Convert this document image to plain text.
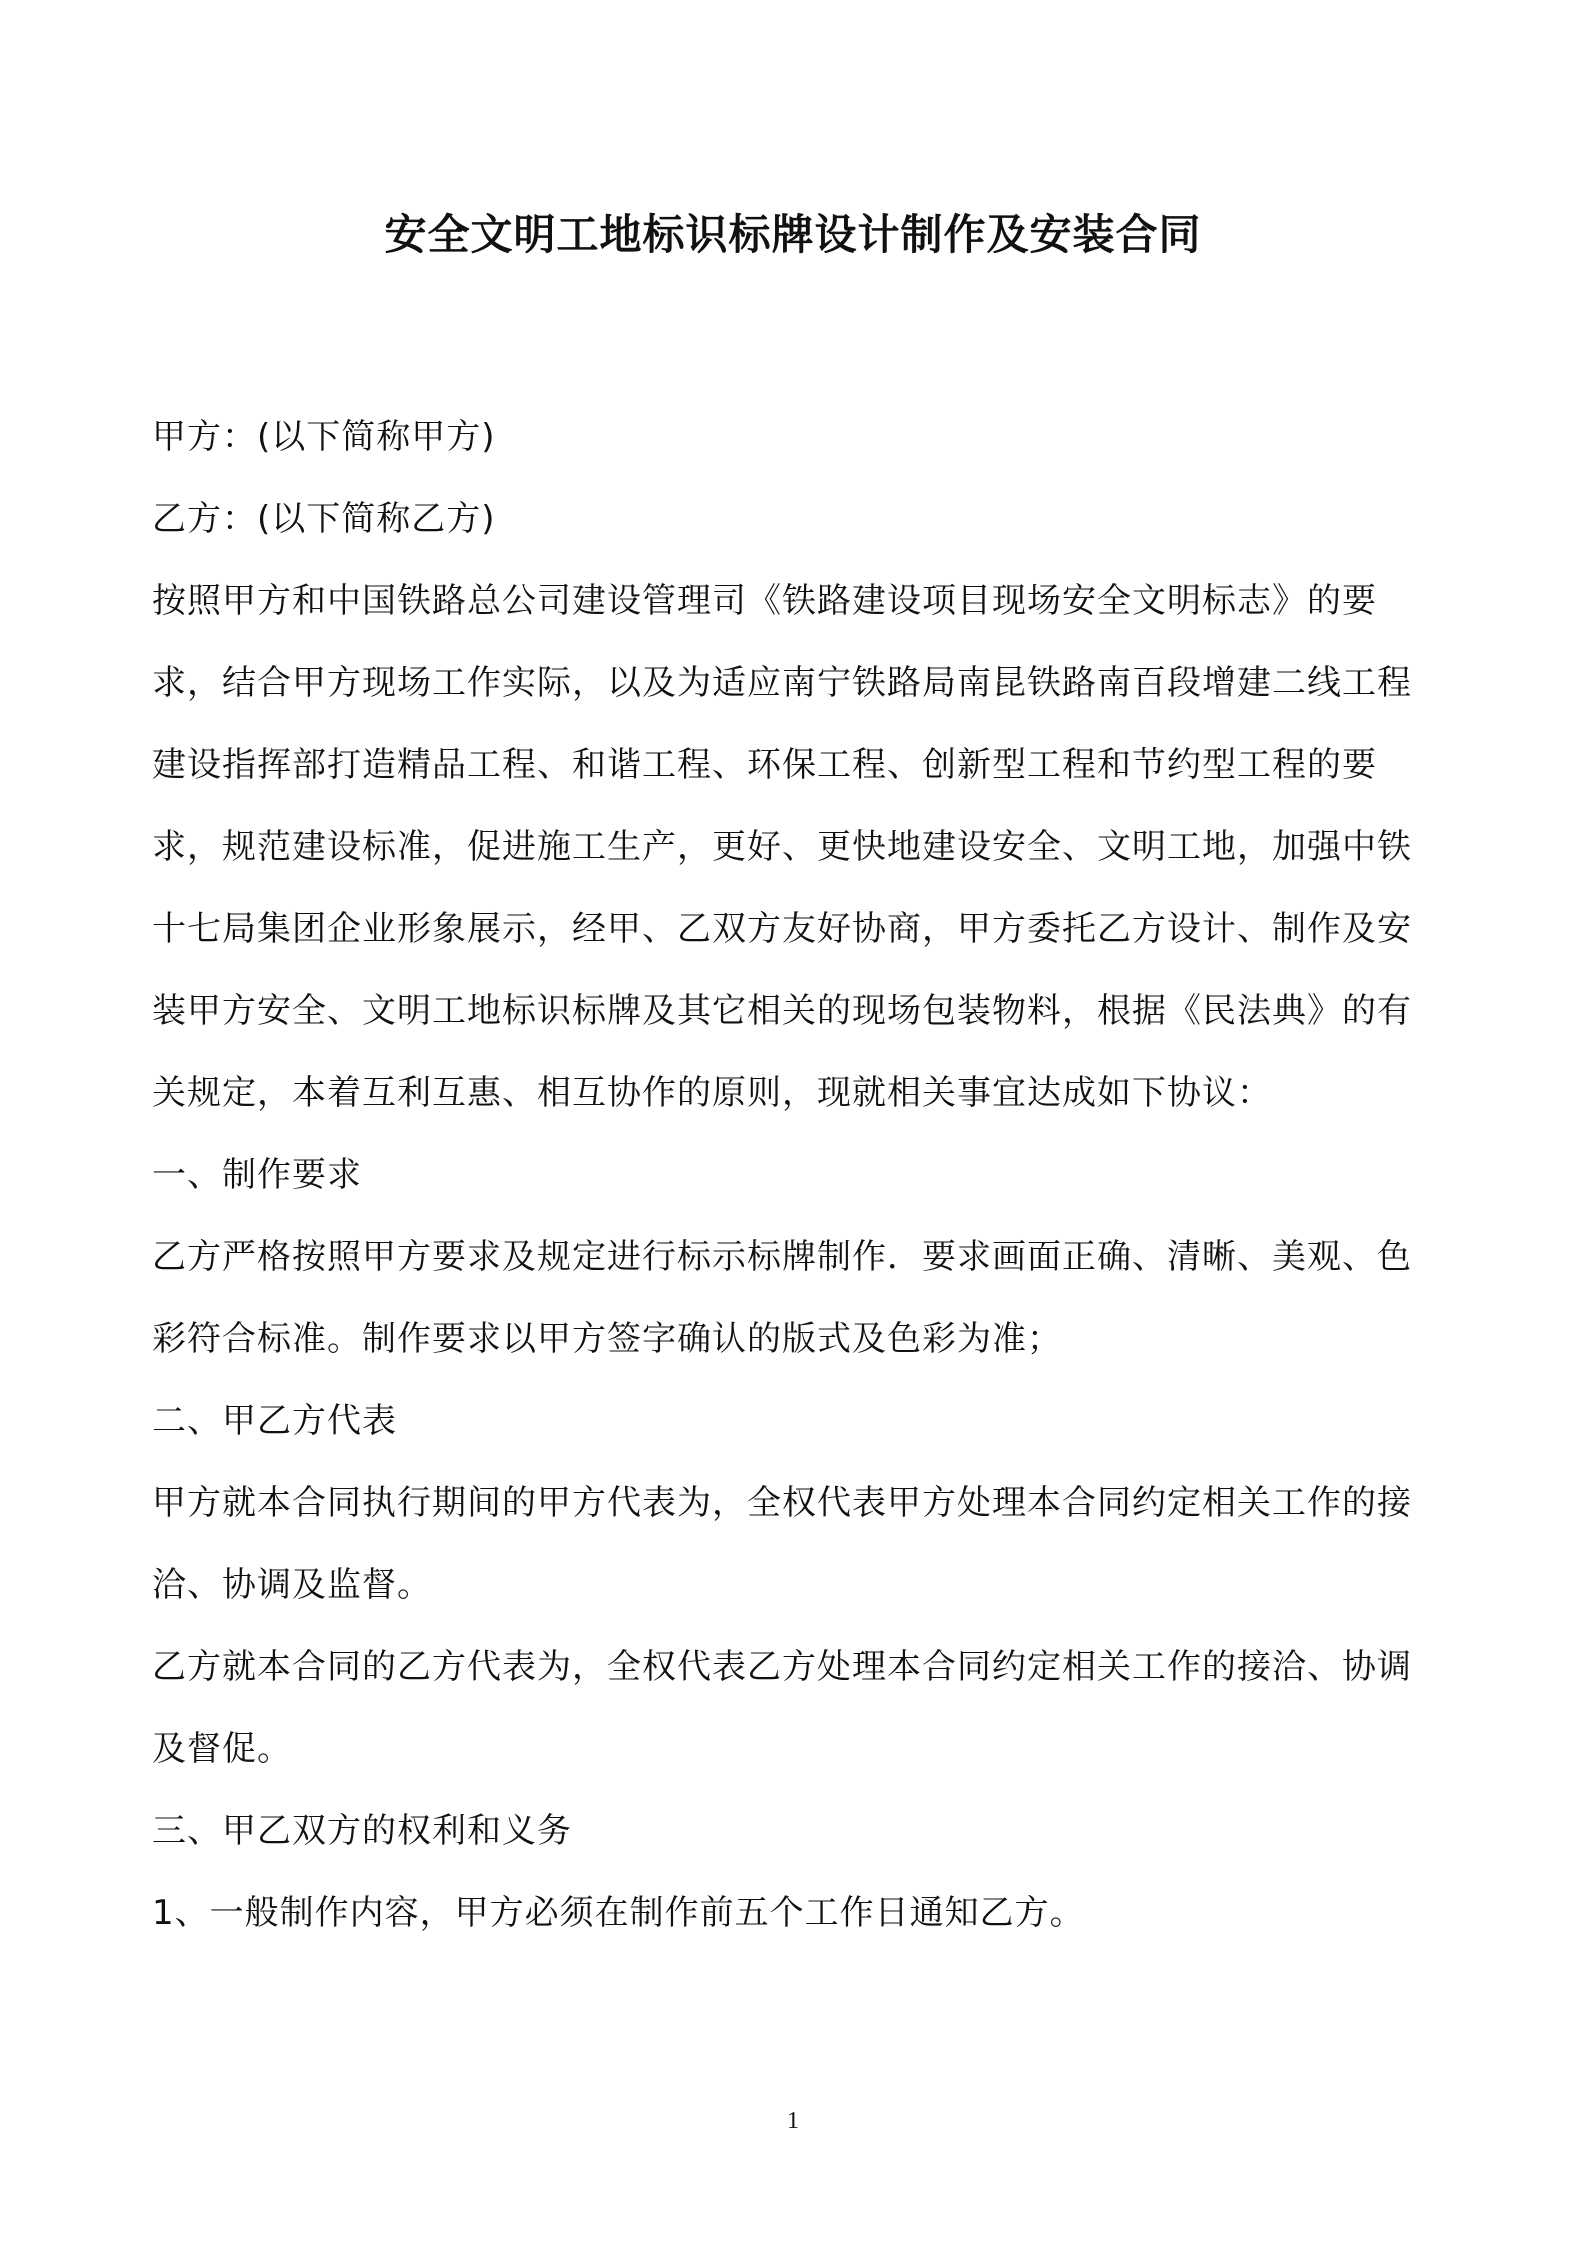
安全文明工地标识标牌设计制作及安装合同

甲方：(以下简称甲方)

乙方：(以下简称乙方)

按照甲方和中国铁路总公司建设管理司《铁路建设项目现场安全文明标志》的要求，结合甲方现场工作实际，以及为适应南宁铁路局南昆铁路南百段增建二线工程建设指挥部打造精品工程、和谐工程、环保工程、创新型工程和节约型工程的要求，规范建设标准，促进施工生产，更好、更快地建设安全、文明工地，加强中铁十七局集团企业形象展示，经甲、乙双方友好协商，甲方委托乙方设计、制作及安装甲方安全、文明工地标识标牌及其它相关的现场包装物料，根据《民法典》的有关规定，本着互利互惠、相互协作的原则，现就相关事宜达成如下协议：

一、制作要求

乙方严格按照甲方要求及规定进行标示标牌制作．要求画面正确、清晰、美观、色彩符合标准。制作要求以甲方签字确认的版式及色彩为准；

二、甲乙方代表

甲方就本合同执行期间的甲方代表为，全权代表甲方处理本合同约定相关工作的接洽、协调及监督。

乙方就本合同的乙方代表为，全权代表乙方处理本合同约定相关工作的接洽、协调及督促。

三、甲乙双方的权利和义务

1、一般制作内容，甲方必须在制作前五个工作日通知乙方。

1
